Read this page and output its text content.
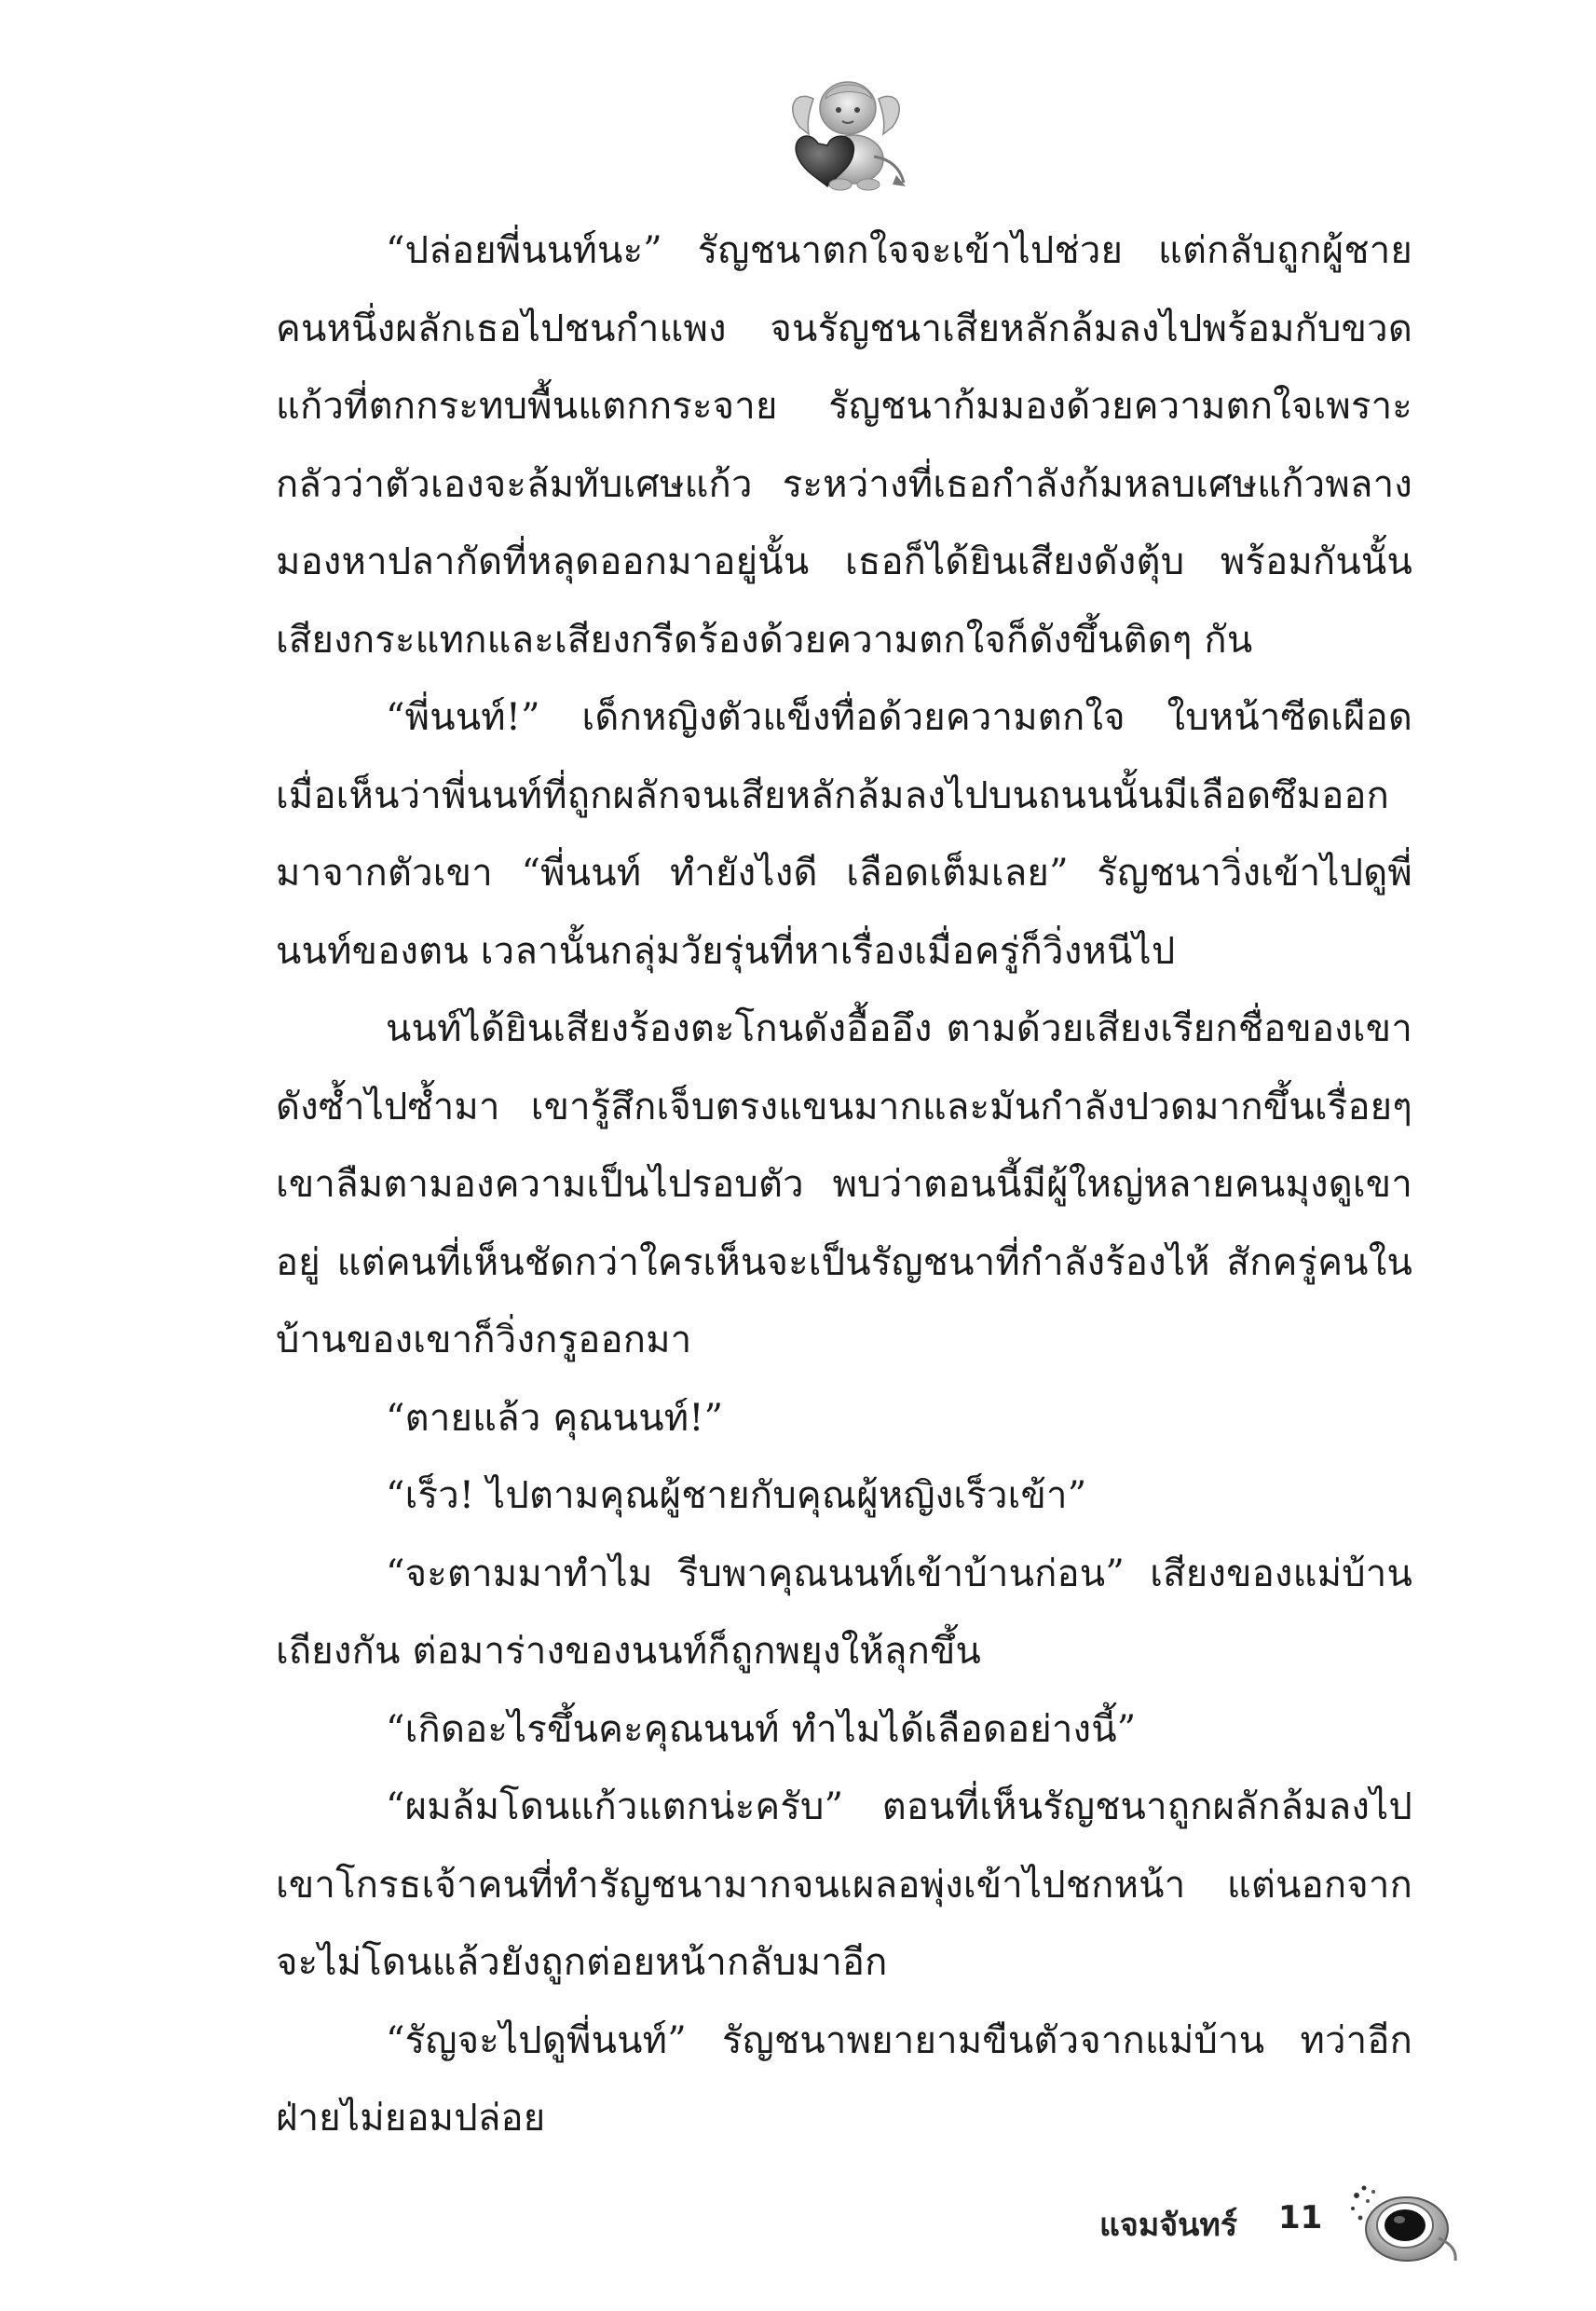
“ปล่อยพี่นนท์นะ” รัญชนาตกใจจะเข้าไปช่วย แต่กลับถูกผู้ชายคนหนึ่งผลักเธอไปชนกำแพง จนรัญชนาเสียหลักล้มลงไปพร้อมกับขวดแก้วที่ตกกระทบพื้นแตกกระจาย รัญชนาก้มมองด้วยความตกใจเพราะกลัวว่าตัวเองจะล้มทับเศษแก้ว ระหว่างที่เธอกำลังก้มหลบเศษแก้วพลางมองหาปลากัดที่หลุดออกมาอยู่นั้น เธอก็ได้ยินเสียงดังตุ้บ พร้อมกันนั้นเสียงกระแทกและเสียงกรีดร้องด้วยความตกใจก็ดังขึ้นติดๆ กัน

“พี่นนท์!” เด็กหญิงตัวแข็งทื่อด้วยความตกใจ ใบหน้าซีดเผือดเมื่อเห็นว่าพี่นนท์ที่ถูกผลักจนเสียหลักล้มลงไปบนถนนนั้นมีเลือดซึมออกมาจากตัวเขา “พี่นนท์ ทำยังไงดี เลือดเต็มเลย” รัญชนาวิ่งเข้าไปดูพี่นนท์ของตน เวลานั้นกลุ่มวัยรุ่นที่หาเรื่องเมื่อครู่ก็วิ่งหนีไป

นนท์ได้ยินเสียงร้องตะโกนดังอื้ออึง ตามด้วยเสียงเรียกชื่อของเขาดังซ้ำไปซ้ำมา เขารู้สึกเจ็บตรงแขนมากและมันกำลังปวดมากขึ้นเรื่อยๆ เขาลืมตามองความเป็นไปรอบตัว พบว่าตอนนี้มีผู้ใหญ่หลายคนมุงดูเขาอยู่ แต่คนที่เห็นชัดกว่าใครเห็นจะเป็นรัญชนาที่กำลังร้องไห้ สักครู่คนในบ้านของเขาก็วิ่งกรูออกมา

“ตายแล้ว คุณนนท์!”

“เร็ว! ไปตามคุณผู้ชายกับคุณผู้หญิงเร็วเข้า”

“จะตามมาทำไม รีบพาคุณนนท์เข้าบ้านก่อน” เสียงของแม่บ้านเถียงกัน ต่อมาร่างของนนท์ก็ถูกพยุงให้ลุกขึ้น

“เกิดอะไรขึ้นคะคุณนนท์ ทำไมได้เลือดอย่างนี้”

“ผมล้มโดนแก้วแตกน่ะครับ” ตอนที่เห็นรัญชนาถูกผลักล้มลงไปเขาโกรธเจ้าคนที่ทำรัญชนามากจนเผลอพุ่งเข้าไปชกหน้า แต่นอกจากจะไม่โดนแล้วยังถูกต่อยหน้ากลับมาอีก

“รัญจะไปดูพี่นนท์” รัญชนาพยายามขืนตัวจากแม่บ้าน ทว่าอีกฝ่ายไม่ยอมปล่อย

แจมจันทร์ 11
